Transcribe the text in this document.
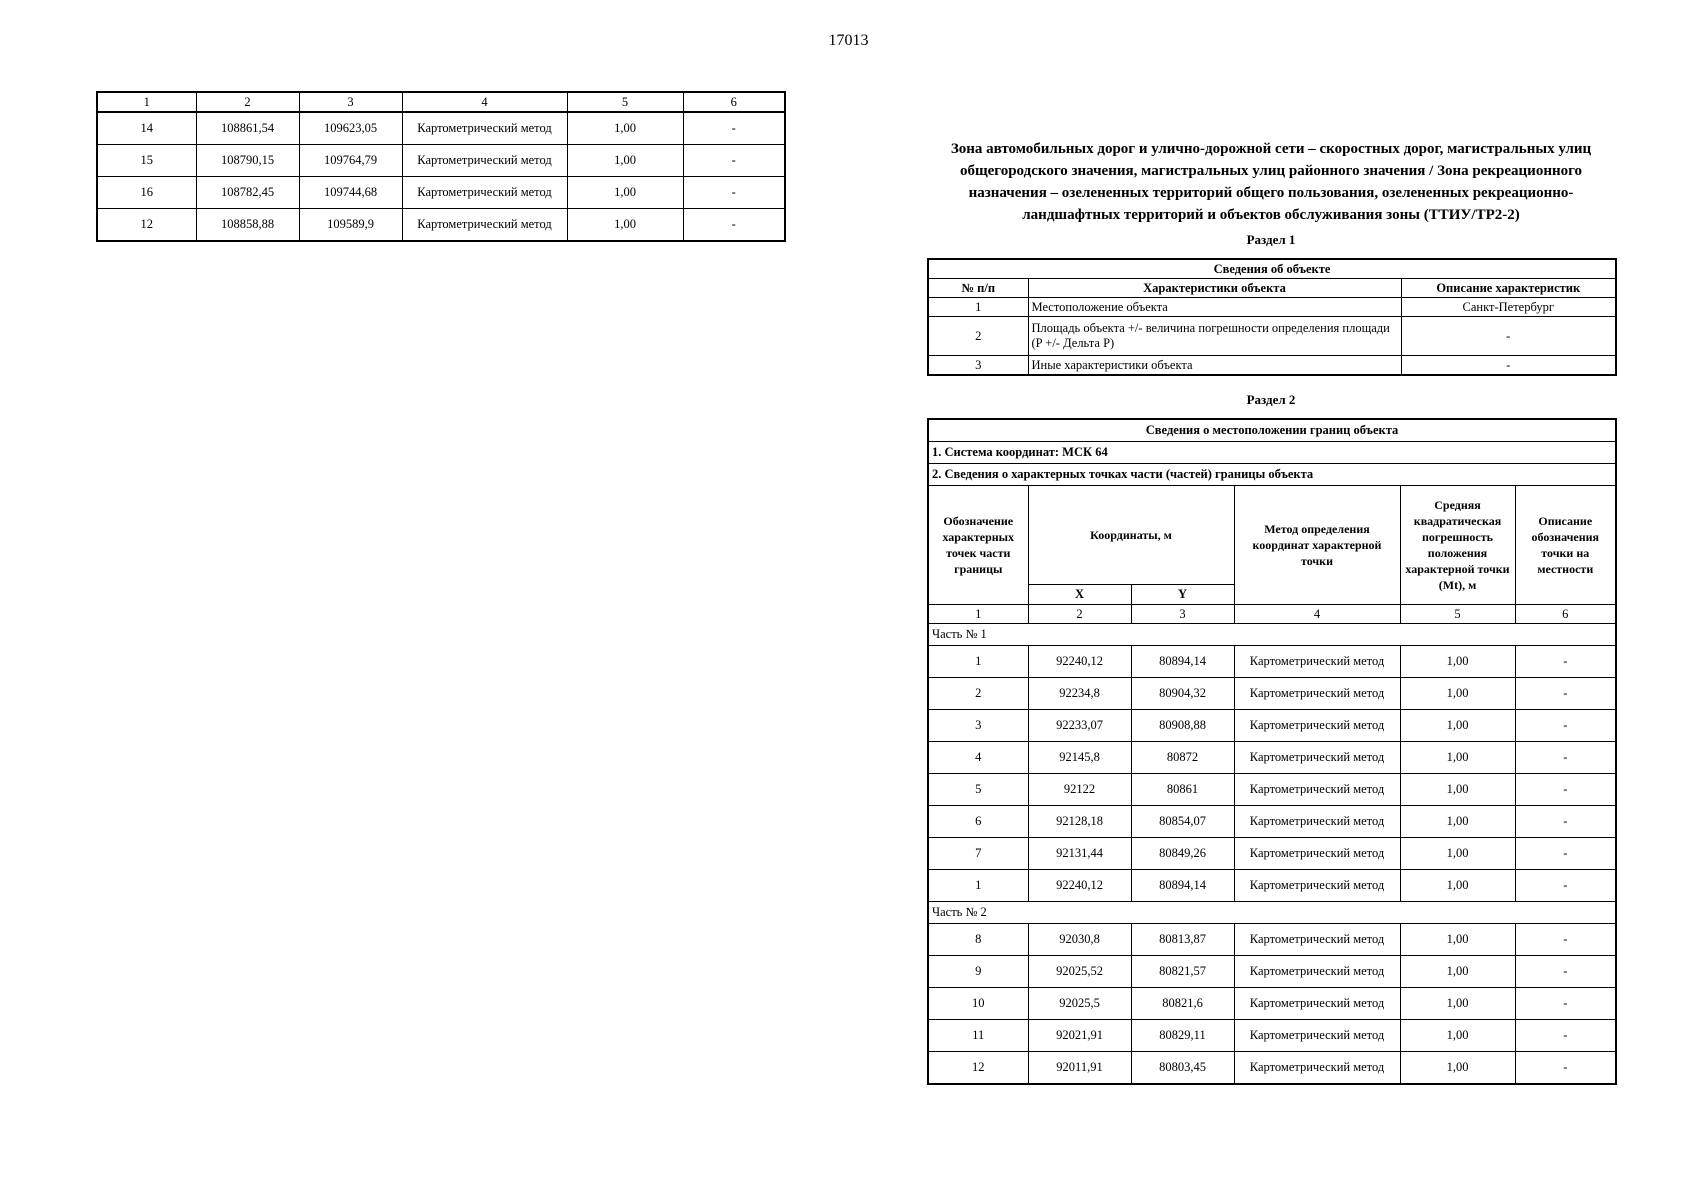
17013
1	2	3	4	5	6
14	108861,54	109623,05	Картометрический метод	1,00	-
15	108790,15	109764,79	Картометрический метод	1,00	-
16	108782,45	109744,68	Картометрический метод	1,00	-
12	108858,88	109589,9	Картометрический метод	1,00	-
Зона автомобильных дорог и улично-дорожной сети – скоростных дорог, магистральных улиц общегородского значения, магистральных улиц районного значения / Зона рекреационного назначения – озелененных территорий общего пользования, озелененных рекреационно-ландшафтных территорий и объектов обслуживания зоны (ТТИУ/ТР2-2)
Раздел 1
Сведения об объекте		
№ п/п	Характеристики объекта	Описание характеристик
1	Местоположение объекта	Санкт-Петербург
2	Площадь объекта +/- величина погрешности определения площади (P +/- Дельта P)	-
3	Иные характеристики объекта	-
Раздел 2
Сведения о местоположении границ объекта					
1. Система координат: МСК 64					
2. Сведения о характерных точках части (частей) границы объекта					
Обозначение характерных точек части границы	Координаты, м		Метод определения координат характерной точки	Средняя квадратическая погрешность положения характерной точки (Mt), м	Описание обозначения точки на местности
	X	Y			
1	2	3	4	5	6
Часть № 1					
1	92240,12	80894,14	Картометрический метод	1,00	-
2	92234,8	80904,32	Картометрический метод	1,00	-
3	92233,07	80908,88	Картометрический метод	1,00	-
4	92145,8	80872	Картометрический метод	1,00	-
5	92122	80861	Картометрический метод	1,00	-
6	92128,18	80854,07	Картометрический метод	1,00	-
7	92131,44	80849,26	Картометрический метод	1,00	-
1	92240,12	80894,14	Картометрический метод	1,00	-
Часть № 2					
8	92030,8	80813,87	Картометрический метод	1,00	-
9	92025,52	80821,57	Картометрический метод	1,00	-
10	92025,5	80821,6	Картометрический метод	1,00	-
11	92021,91	80829,11	Картометрический метод	1,00	-
12	92011,91	80803,45	Картометрический метод	1,00	-
